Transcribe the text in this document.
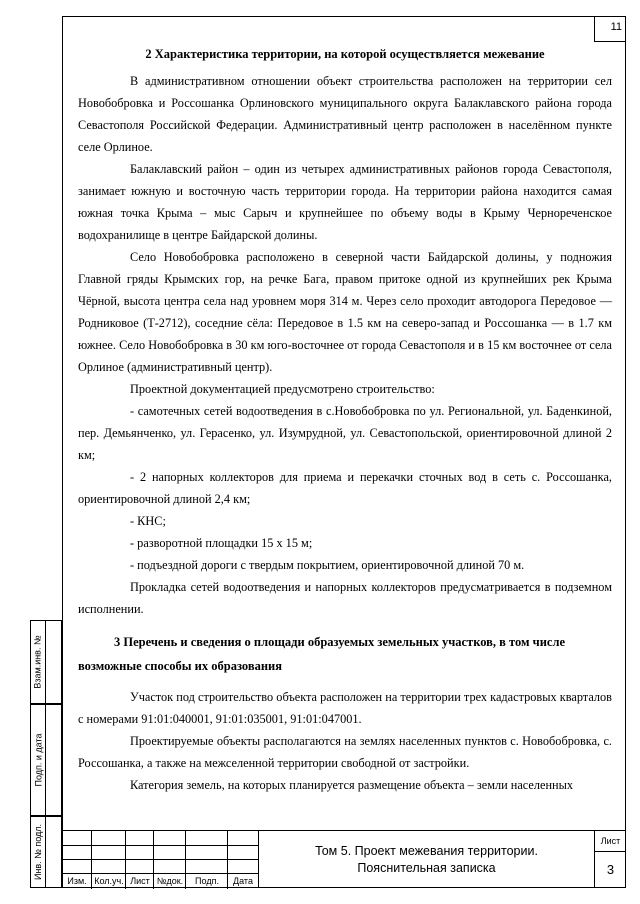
11
Взам.инв. №
Подп. и дата
Инв. № подл.
2 Характеристика территории, на которой осуществляется межевание

В административном отношении объект строительства расположен на территории сел Новобобровка и Россошанка Орлиновского муниципального округа Балаклавского района города Севастополя Российской Федерации. Административный центр расположен в населённом пункте селе Орлиное.

Балаклавский район – один из четырех административных районов города Севастополя, занимает южную и восточную часть территории города. На территории района находится самая южная точка Крыма – мыс Сарыч и крупнейшее по объему воды в Крыму Чернореченское водохранилище в центре Байдарской долины.

Село Новобобровка расположено в северной части Байдарской долины, у подножия Главной гряды Крымских гор, на речке Бага, правом притоке одной из крупнейших рек Крыма Чёрной, высота центра села над уровнем моря 314 м. Через село проходит автодорога Передовое — Родниковое (Т-2712), соседние сёла: Передовое в 1.5 км на северо-запад и Россошанка — в 1.7 км южнее. Село Новобобровка в 30 км юго-восточнее от города Севастополя и в 15 км восточнее от села Орлиное (административный центр).

Проектной документацией предусмотрено строительство:

- самотечных сетей водоотведения в с.Новобобровка по ул. Региональной, ул. Баденкиной, пер. Демьянченко, ул. Герасенко, ул. Изумрудной, ул. Севастопольской, ориентировочной длиной 2 км;

- 2 напорных коллекторов для приема и перекачки сточных вод в сеть с. Россошанка, ориентировочной длиной 2,4 км;

- КНС;

- разворотной площадки 15 х 15 м;

- подъездной дороги с твердым покрытием, ориентировочной длиной 70 м.

Прокладка сетей водоотведения и напорных коллекторов предусматривается в подземном исполнении.

3 Перечень и сведения о площади образуемых земельных участков, в том числе возможные способы их образования

Участок под строительство объекта расположен на территории трех кадастровых кварталов с номерами 91:01:040001, 91:01:035001, 91:01:047001.

Проектируемые объекты располагаются на землях населенных пунктов с. Новобобровка, с. Россошанка, а также на межселенной территории свободной от застройки.

Категория земель, на которых планируется размещение объекта – земли населенных

Изм. Кол.уч. Лист №док.	Подп.	Дата
Том 5. Проект межевания территории.
Пояснительная записка
Лист
3
